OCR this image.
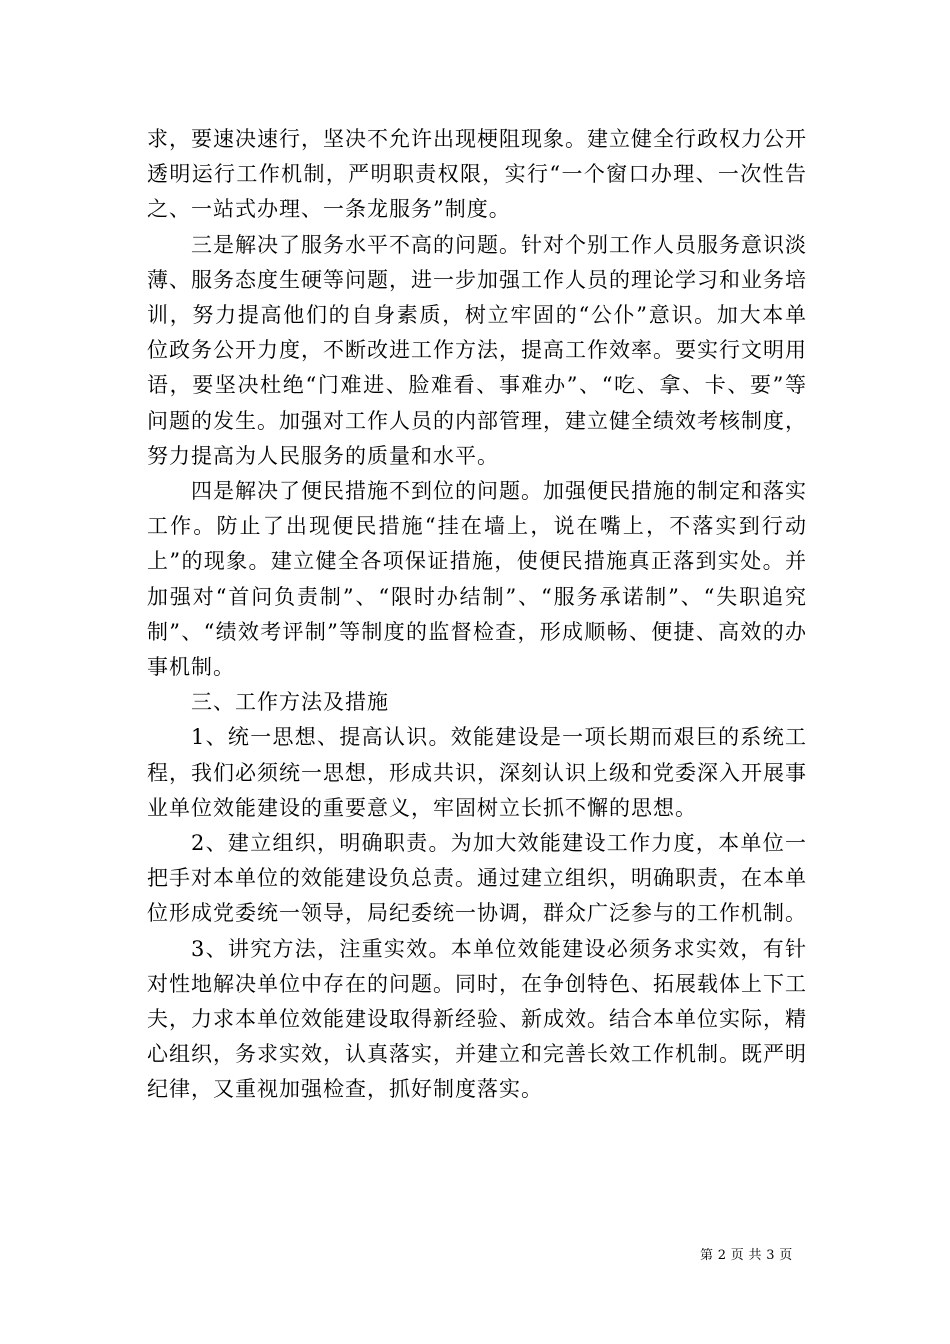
求，要速决速行，坚决不允许出现梗阻现象。建立健全行政权力公开透明运行工作机制，严明职责权限，实行“一个窗口办理、一次性告之、一站式办理、一条龙服务”制度。

三是解决了服务水平不高的问题。针对个别工作人员服务意识淡薄、服务态度生硬等问题，进一步加强工作人员的理论学习和业务培训，努力提高他们的自身素质，树立牢固的“公仆”意识。加大本单位政务公开力度，不断改进工作方法，提高工作效率。要实行文明用语，要坚决杜绝“门难进、脸难看、事难办”、“吃、拿、卡、要”等问题的发生。加强对工作人员的内部管理，建立健全绩效考核制度，努力提高为人民服务的质量和水平。

四是解决了便民措施不到位的问题。加强便民措施的制定和落实工作。防止了出现便民措施“挂在墙上，说在嘴上，不落实到行动上”的现象。建立健全各项保证措施，使便民措施真正落到实处。并加强对“首问负责制”、“限时办结制”、“服务承诺制”、“失职追究制”、“绩效考评制”等制度的监督检查，形成顺畅、便捷、高效的办事机制。

三、工作方法及措施

1、统一思想、提高认识。效能建设是一项长期而艰巨的系统工程，我们必须统一思想，形成共识，深刻认识上级和党委深入开展事业单位效能建设的重要意义，牢固树立长抓不懈的思想。

2、建立组织，明确职责。为加大效能建设工作力度，本单位一把手对本单位的效能建设负总责。通过建立组织，明确职责，在本单位形成党委统一领导，局纪委统一协调，群众广泛参与的工作机制。

3、讲究方法，注重实效。本单位效能建设必须务求实效，有针对性地解决单位中存在的问题。同时，在争创特色、拓展载体上下工夫，力求本单位效能建设取得新经验、新成效。结合本单位实际，精心组织，务求实效，认真落实，并建立和完善长效工作机制。既严明纪律，又重视加强检查，抓好制度落实。

第 2 页 共 3 页
